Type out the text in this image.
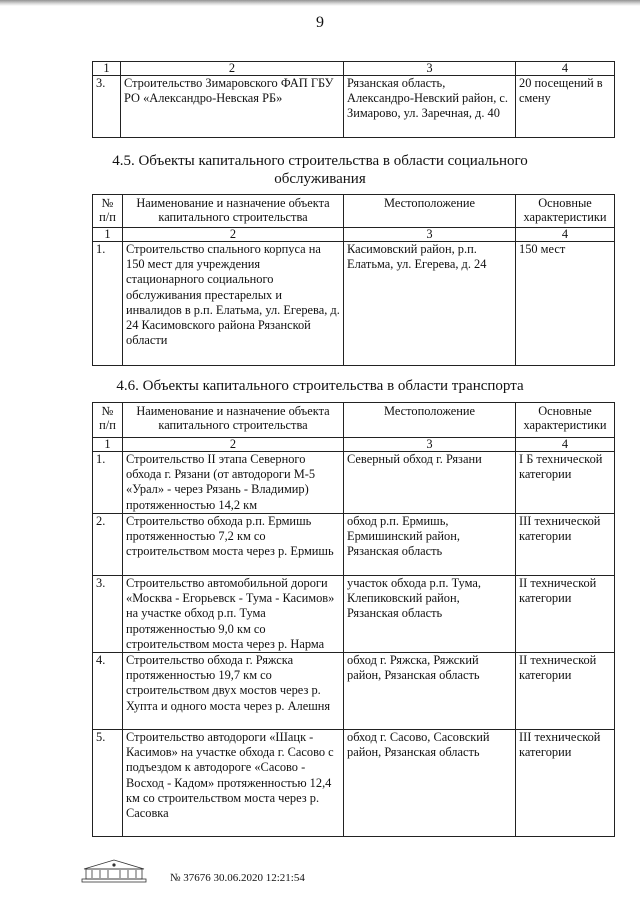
9
1	2	3	4
3.	Строительство Зимаровского ФАП ГБУ РО «Александро-Невская РБ»	Рязанская область, Александро-Невский район, с. Зимарово, ул. Заречная, д. 40	20 посещений в смену
4.5. Объекты капитального строительства в области социального обслуживания
№ п/п	Наименование и назначение объекта капитального строительства	Местоположение	Основные характеристики
1	2	3	4
1.	Строительство спального корпуса на 150 мест для учреждения стационарного социального обслуживания престарелых и инвалидов в р.п. Елатьма, ул. Егерева, д. 24 Касимовского района Рязанской области	Касимовский район, р.п. Елатьма, ул. Егерева, д. 24	150 мест
4.6. Объекты капитального строительства в области транспорта
№ п/п	Наименование и назначение объекта капитального строительства	Местоположение	Основные характеристики
1	2	3	4
1.	Строительство II этапа Северного обхода г. Рязани (от автодороги М-5 «Урал» - через Рязань - Владимир) протяженностью 14,2 км	Северный обход г. Рязани	I Б технической категории
2.	Строительство обхода р.п. Ермишь протяженностью 7,2 км со строительством моста через р. Ермишь	обход р.п. Ермишь, Ермишинский район, Рязанская область	III технической категории
3.	Строительство автомобильной дороги «Москва - Егорьевск - Тума - Касимов» на участке обход р.п. Тума протяженностью 9,0 км со строительством моста через р. Нарма	участок обхода р.п. Тума, Клепиковский район, Рязанская область	II технической категории
4.	Строительство обхода г. Ряжска протяженностью 19,7 км со строительством двух мостов через р. Хупта и одного моста через р. Алешня	обход г. Ряжска, Ряжский район, Рязанская область	II технической категории
5.	Строительство автодороги «Шацк - Касимов» на участке обхода г. Сасово с подъездом к автодороге «Сасово - Восход - Кадом» протяженностью 12,4 км со строительством моста через р. Сасовка	обход г. Сасово, Сасовский район, Рязанская область	III технической категории
№ 37676 30.06.2020 12:21:54
